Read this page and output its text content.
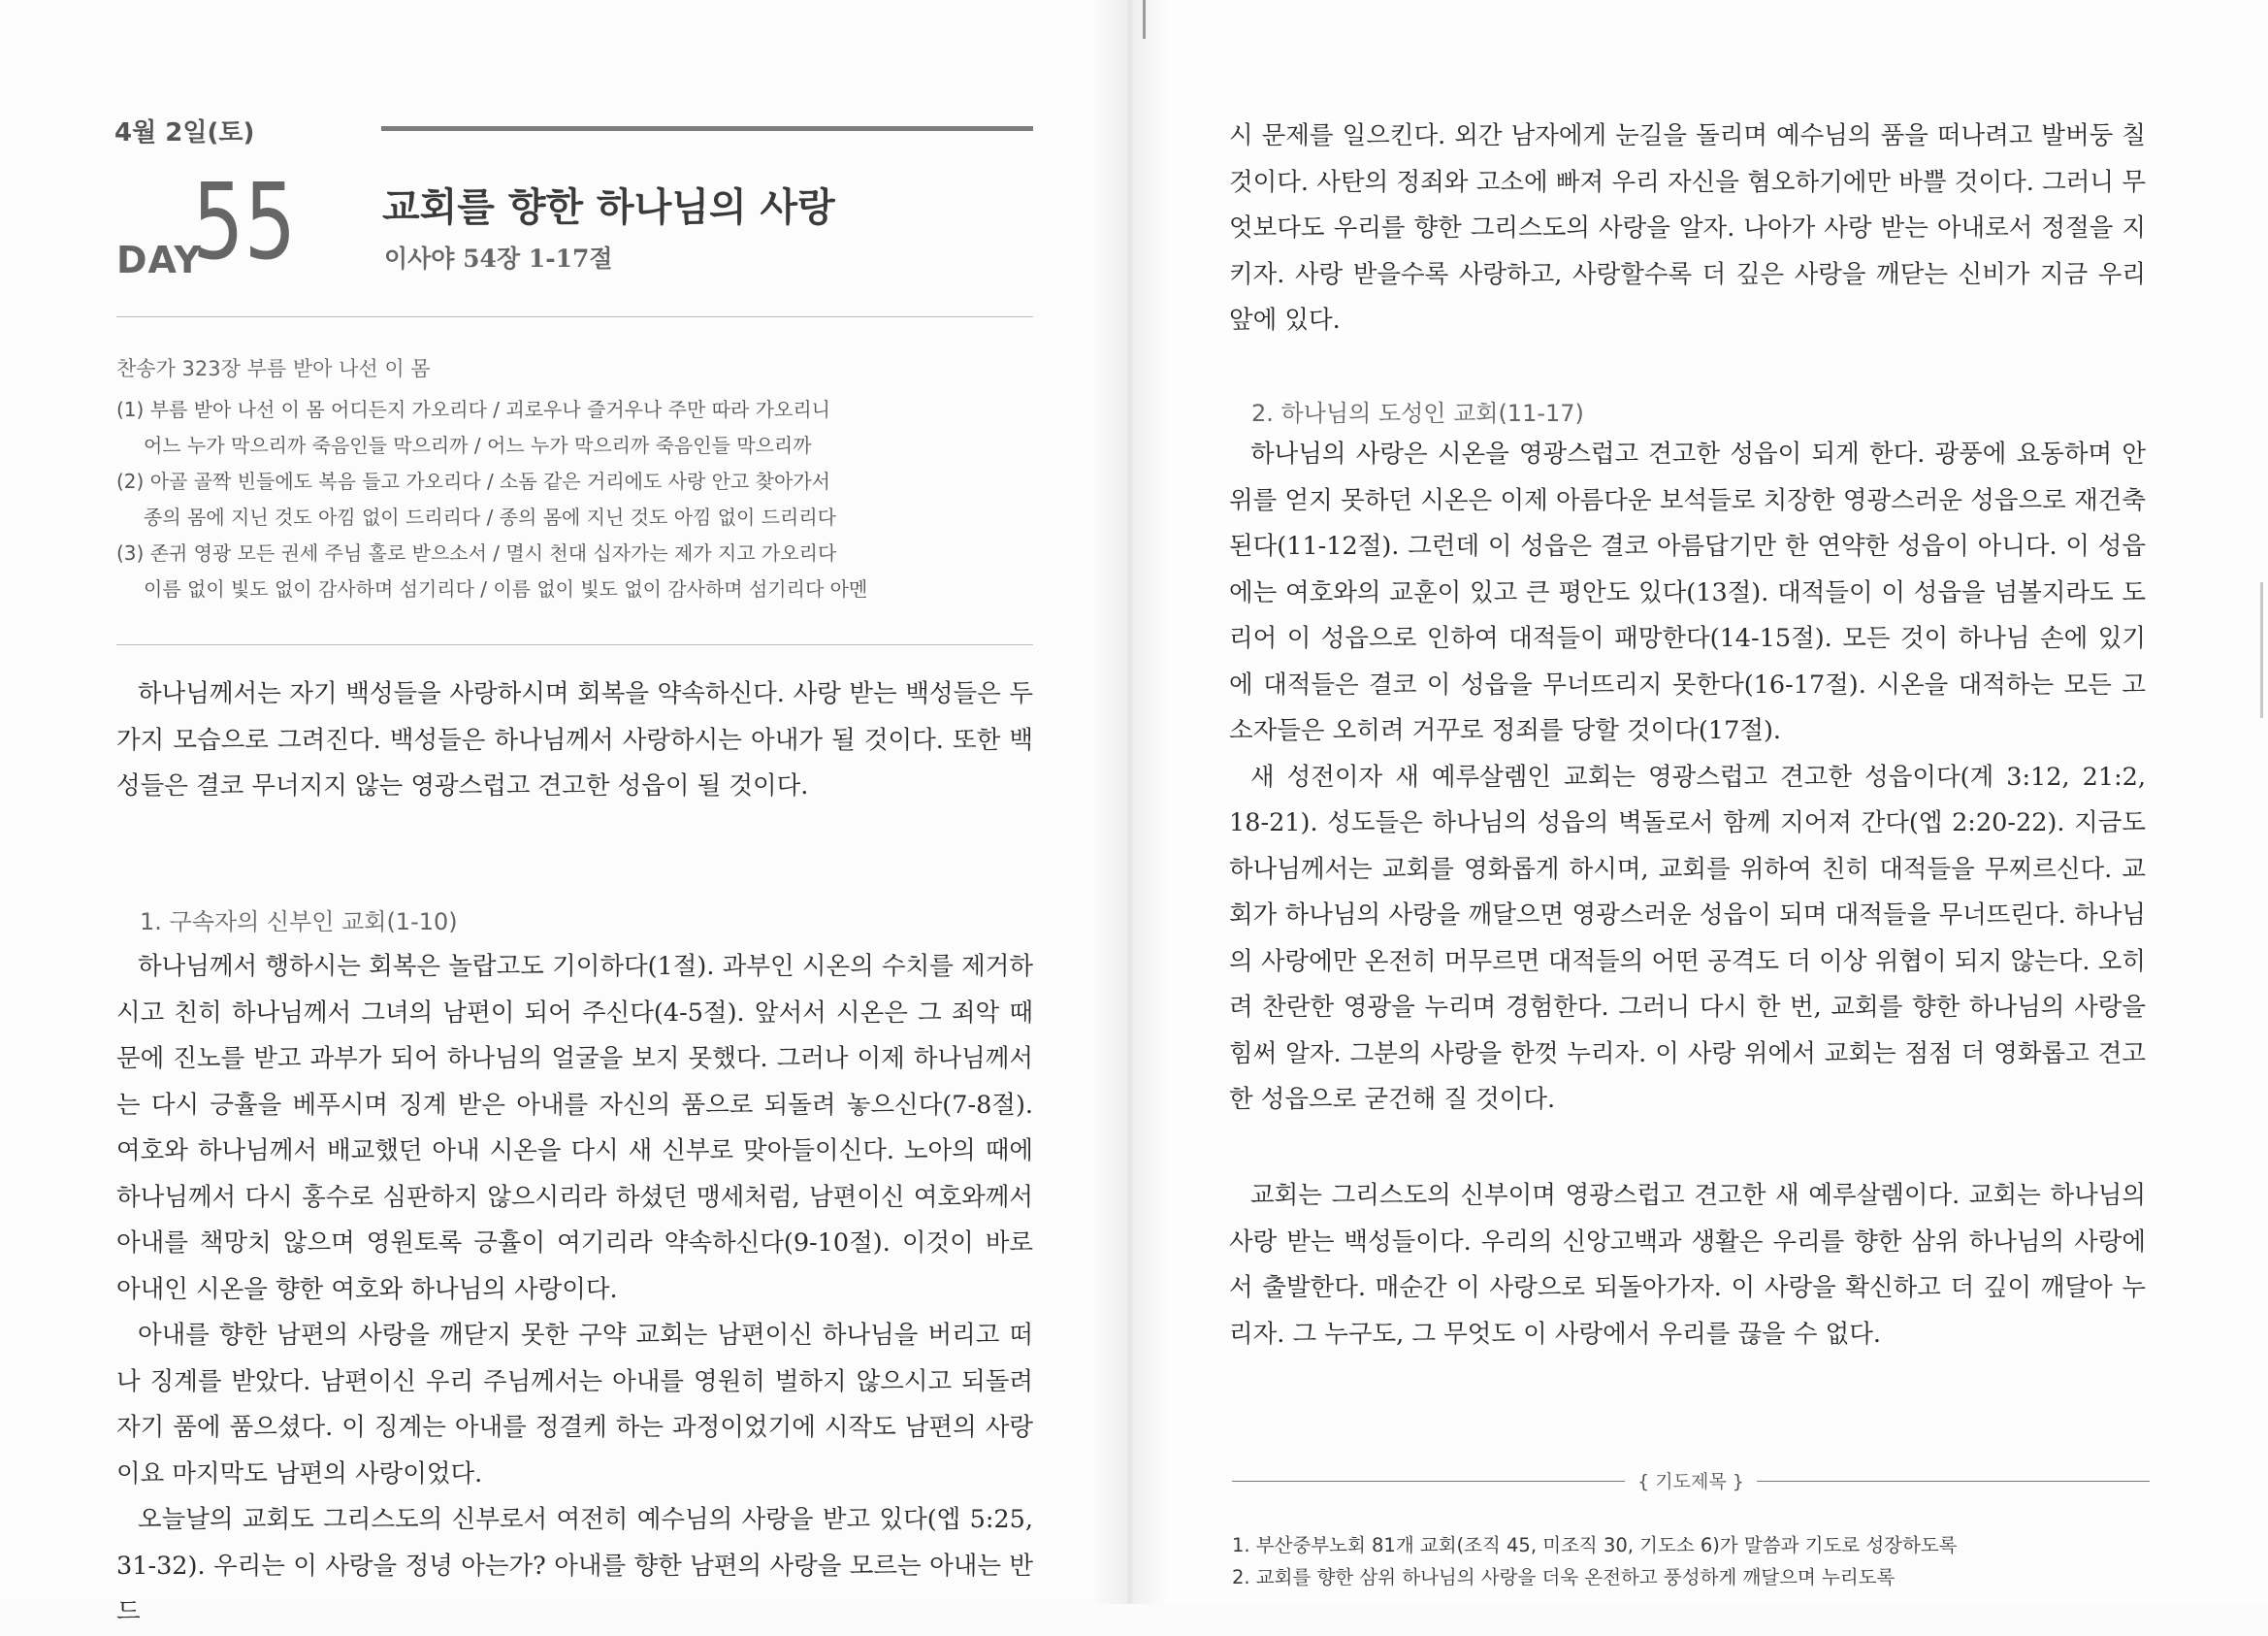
4월 2일(토)
DAY
55 교회를 향한 하나님의 사랑
이사야 54장 1-17절
찬송가 323장 부름 받아 나선 이 몸
(1) 부름 받아 나선 이 몸 어디든지 가오리다 / 괴로우나 즐거우나 주만 따라 가오리니
어느 누가 막으리까 죽음인들 막으리까 / 어느 누가 막으리까 죽음인들 막으리까
(2) 아골 골짝 빈들에도 복음 들고 가오리다 / 소돔 같은 거리에도 사랑 안고 찾아가서
종의 몸에 지닌 것도 아낌 없이 드리리다 / 종의 몸에 지닌 것도 아낌 없이 드리리다
(3) 존귀 영광 모든 권세 주님 홀로 받으소서 / 멸시 천대 십자가는 제가 지고 가오리다
이름 없이 빛도 없이 감사하며 섬기리다 / 이름 없이 빛도 없이 감사하며 섬기리다 아멘

하나님께서는 자기 백성들을 사랑하시며 회복을 약속하신다. 사랑 받는 백성들은 두 가지 모습으로 그려진다. 백성들은 하나님께서 사랑하시는 아내가 될 것이다. 또한 백성들은 결코 무너지지 않는 영광스럽고 견고한 성읍이 될 것이다.

1. 구속자의 신부인 교회(1-10)

하나님께서 행하시는 회복은 놀랍고도 기이하다(1절). 과부인 시온의 수치를 제거하시고 친히 하나님께서 그녀의 남편이 되어 주신다(4-5절). 앞서서 시온은 그 죄악 때문에 진노를 받고 과부가 되어 하나님의 얼굴을 보지 못했다. 그러나 이제 하나님께서는 다시 긍휼을 베푸시며 징계 받은 아내를 자신의 품으로 되돌려 놓으신다(7-8절). 여호와 하나님께서 배교했던 아내 시온을 다시 새 신부로 맞아들이신다. 노아의 때에 하나님께서 다시 홍수로 심판하지 않으시리라 하셨던 맹세처럼, 남편이신 여호와께서 아내를 책망치 않으며 영원토록 긍휼이 여기리라 약속하신다(9-10절). 이것이 바로 아내인 시온을 향한 여호와 하나님의 사랑이다.

아내를 향한 남편의 사랑을 깨닫지 못한 구약 교회는 남편이신 하나님을 버리고 떠나 징계를 받았다. 남편이신 우리 주님께서는 아내를 영원히 벌하지 않으시고 되돌려 자기 품에 품으셨다. 이 징계는 아내를 정결케 하는 과정이었기에 시작도 남편의 사랑이요 마지막도 남편의 사랑이었다.

오늘날의 교회도 그리스도의 신부로서 여전히 예수님의 사랑을 받고 있다(엡 5:25, 31-32). 우리는 이 사랑을 정녕 아는가? 아내를 향한 남편의 사랑을 모르는 아내는 반드

시 문제를 일으킨다. 외간 남자에게 눈길을 돌리며 예수님의 품을 떠나려고 발버둥 칠 것이다. 사탄의 정죄와 고소에 빠져 우리 자신을 혐오하기에만 바쁠 것이다. 그러니 무엇보다도 우리를 향한 그리스도의 사랑을 알자. 나아가 사랑 받는 아내로서 정절을 지키자. 사랑 받을수록 사랑하고, 사랑할수록 더 깊은 사랑을 깨닫는 신비가 지금 우리 앞에 있다.

2. 하나님의 도성인 교회(11-17)

하나님의 사랑은 시온을 영광스럽고 견고한 성읍이 되게 한다. 광풍에 요동하며 안위를 얻지 못하던 시온은 이제 아름다운 보석들로 치장한 영광스러운 성읍으로 재건축된다(11-12절). 그런데 이 성읍은 결코 아름답기만 한 연약한 성읍이 아니다. 이 성읍에는 여호와의 교훈이 있고 큰 평안도 있다(13절). 대적들이 이 성읍을 넘볼지라도 도리어 이 성읍으로 인하여 대적들이 패망한다(14-15절). 모든 것이 하나님 손에 있기에 대적들은 결코 이 성읍을 무너뜨리지 못한다(16-17절). 시온을 대적하는 모든 고소자들은 오히려 거꾸로 정죄를 당할 것이다(17절).

새 성전이자 새 예루살렘인 교회는 영광스럽고 견고한 성읍이다(계 3:12, 21:2, 18-21). 성도들은 하나님의 성읍의 벽돌로서 함께 지어져 간다(엡 2:20-22). 지금도 하나님께서는 교회를 영화롭게 하시며, 교회를 위하여 친히 대적들을 무찌르신다. 교회가 하나님의 사랑을 깨달으면 영광스러운 성읍이 되며 대적들을 무너뜨린다. 하나님의 사랑에만 온전히 머무르면 대적들의 어떤 공격도 더 이상 위협이 되지 않는다. 오히려 찬란한 영광을 누리며 경험한다. 그러니 다시 한 번, 교회를 향한 하나님의 사랑을 힘써 알자. 그분의 사랑을 한껏 누리자. 이 사랑 위에서 교회는 점점 더 영화롭고 견고한 성읍으로 굳건해 질 것이다.

교회는 그리스도의 신부이며 영광스럽고 견고한 새 예루살렘이다. 교회는 하나님의 사랑 받는 백성들이다. 우리의 신앙고백과 생활은 우리를 향한 삼위 하나님의 사랑에서 출발한다. 매순간 이 사랑으로 되돌아가자. 이 사랑을 확신하고 더 깊이 깨달아 누리자. 그 누구도, 그 무엇도 이 사랑에서 우리를 끊을 수 없다.

{ 기도제목 }
1. 부산중부노회 81개 교회(조직 45, 미조직 30, 기도소 6)가 말씀과 기도로 성장하도록
2. 교회를 향한 삼위 하나님의 사랑을 더욱 온전하고 풍성하게 깨달으며 누리도록
